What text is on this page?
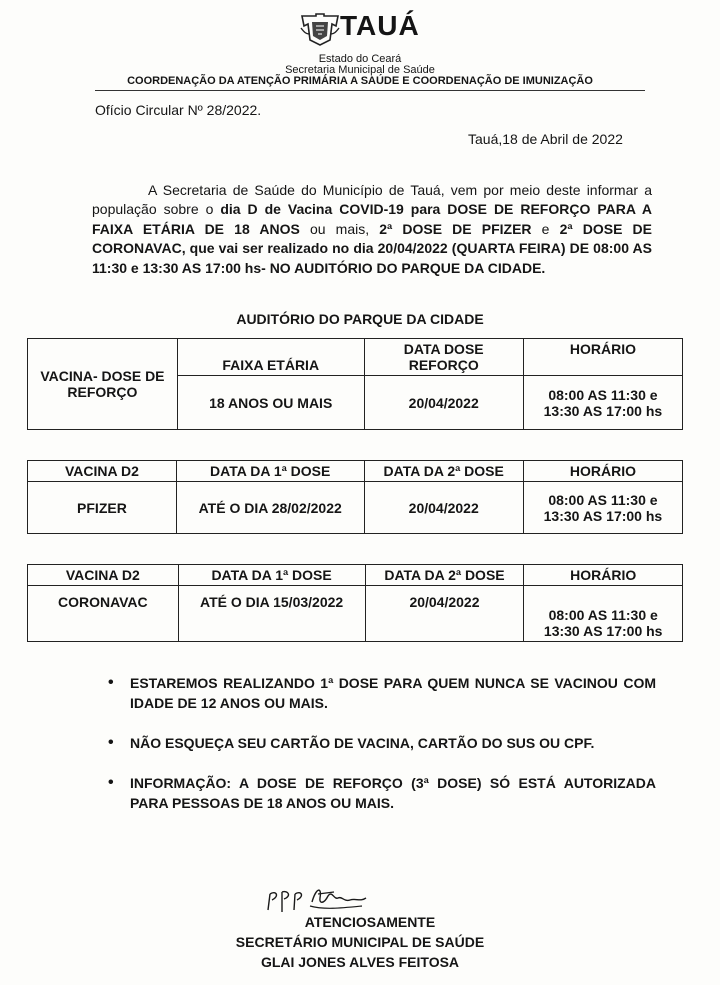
TAUÁ
Estado do Ceará
Secretaria Municipal de Saúde
COORDENAÇÃO DA ATENÇÃO PRIMÁRIA A SAÚDE E COORDENAÇÃO DE IMUNIZAÇÃO
Ofício Circular Nº 28/2022.
Tauá,18 de Abril de 2022
A Secretaria de Saúde do Município de Tauá, vem por meio deste informar a população sobre o dia D de Vacina COVID-19 para DOSE DE REFORÇO PARA A FAIXA ETÁRIA DE 18 ANOS ou mais, 2ª DOSE DE PFIZER e 2ª DOSE DE CORONAVAC, que vai ser realizado no dia 20/04/2022 (QUARTA FEIRA) DE 08:00 AS 11:30 e 13:30 AS 17:00 hs- NO AUDITÓRIO DO PARQUE DA CIDADE.
AUDITÓRIO DO PARQUE DA CIDADE
VACINA- DOSE DE REFORÇO	FAIXA ETÁRIA	DATA DOSE REFORÇO	HORÁRIO
	18 ANOS OU MAIS	20/04/2022	08:00 AS 11:30 e
13:30 AS 17:00 hs
VACINA D2	DATA DA 1ª DOSE	DATA DA 2ª DOSE	HORÁRIO
PFIZER	ATÉ O DIA 28/02/2022	20/04/2022	08:00 AS 11:30 e
13:30 AS 17:00 hs
VACINA D2	DATA DA 1ª DOSE	DATA DA 2ª DOSE	HORÁRIO
CORONAVAC	ATÉ O DIA 15/03/2022	20/04/2022	08:00 AS 11:30 e
13:30 AS 17:00 hs
• ESTAREMOS REALIZANDO 1ª DOSE PARA QUEM NUNCA SE VACINOU COM IDADE DE 12 ANOS OU MAIS.
• NÃO ESQUEÇA SEU CARTÃO DE VACINA, CARTÃO DO SUS OU CPF.
• INFORMAÇÃO: A DOSE DE REFORÇO (3ª DOSE) SÓ ESTÁ AUTORIZADA PARA PESSOAS DE 18 ANOS OU MAIS.
ATENCIOSAMENTE
SECRETÁRIO MUNICIPAL DE SAÚDE
GLAI JONES ALVES FEITOSA
